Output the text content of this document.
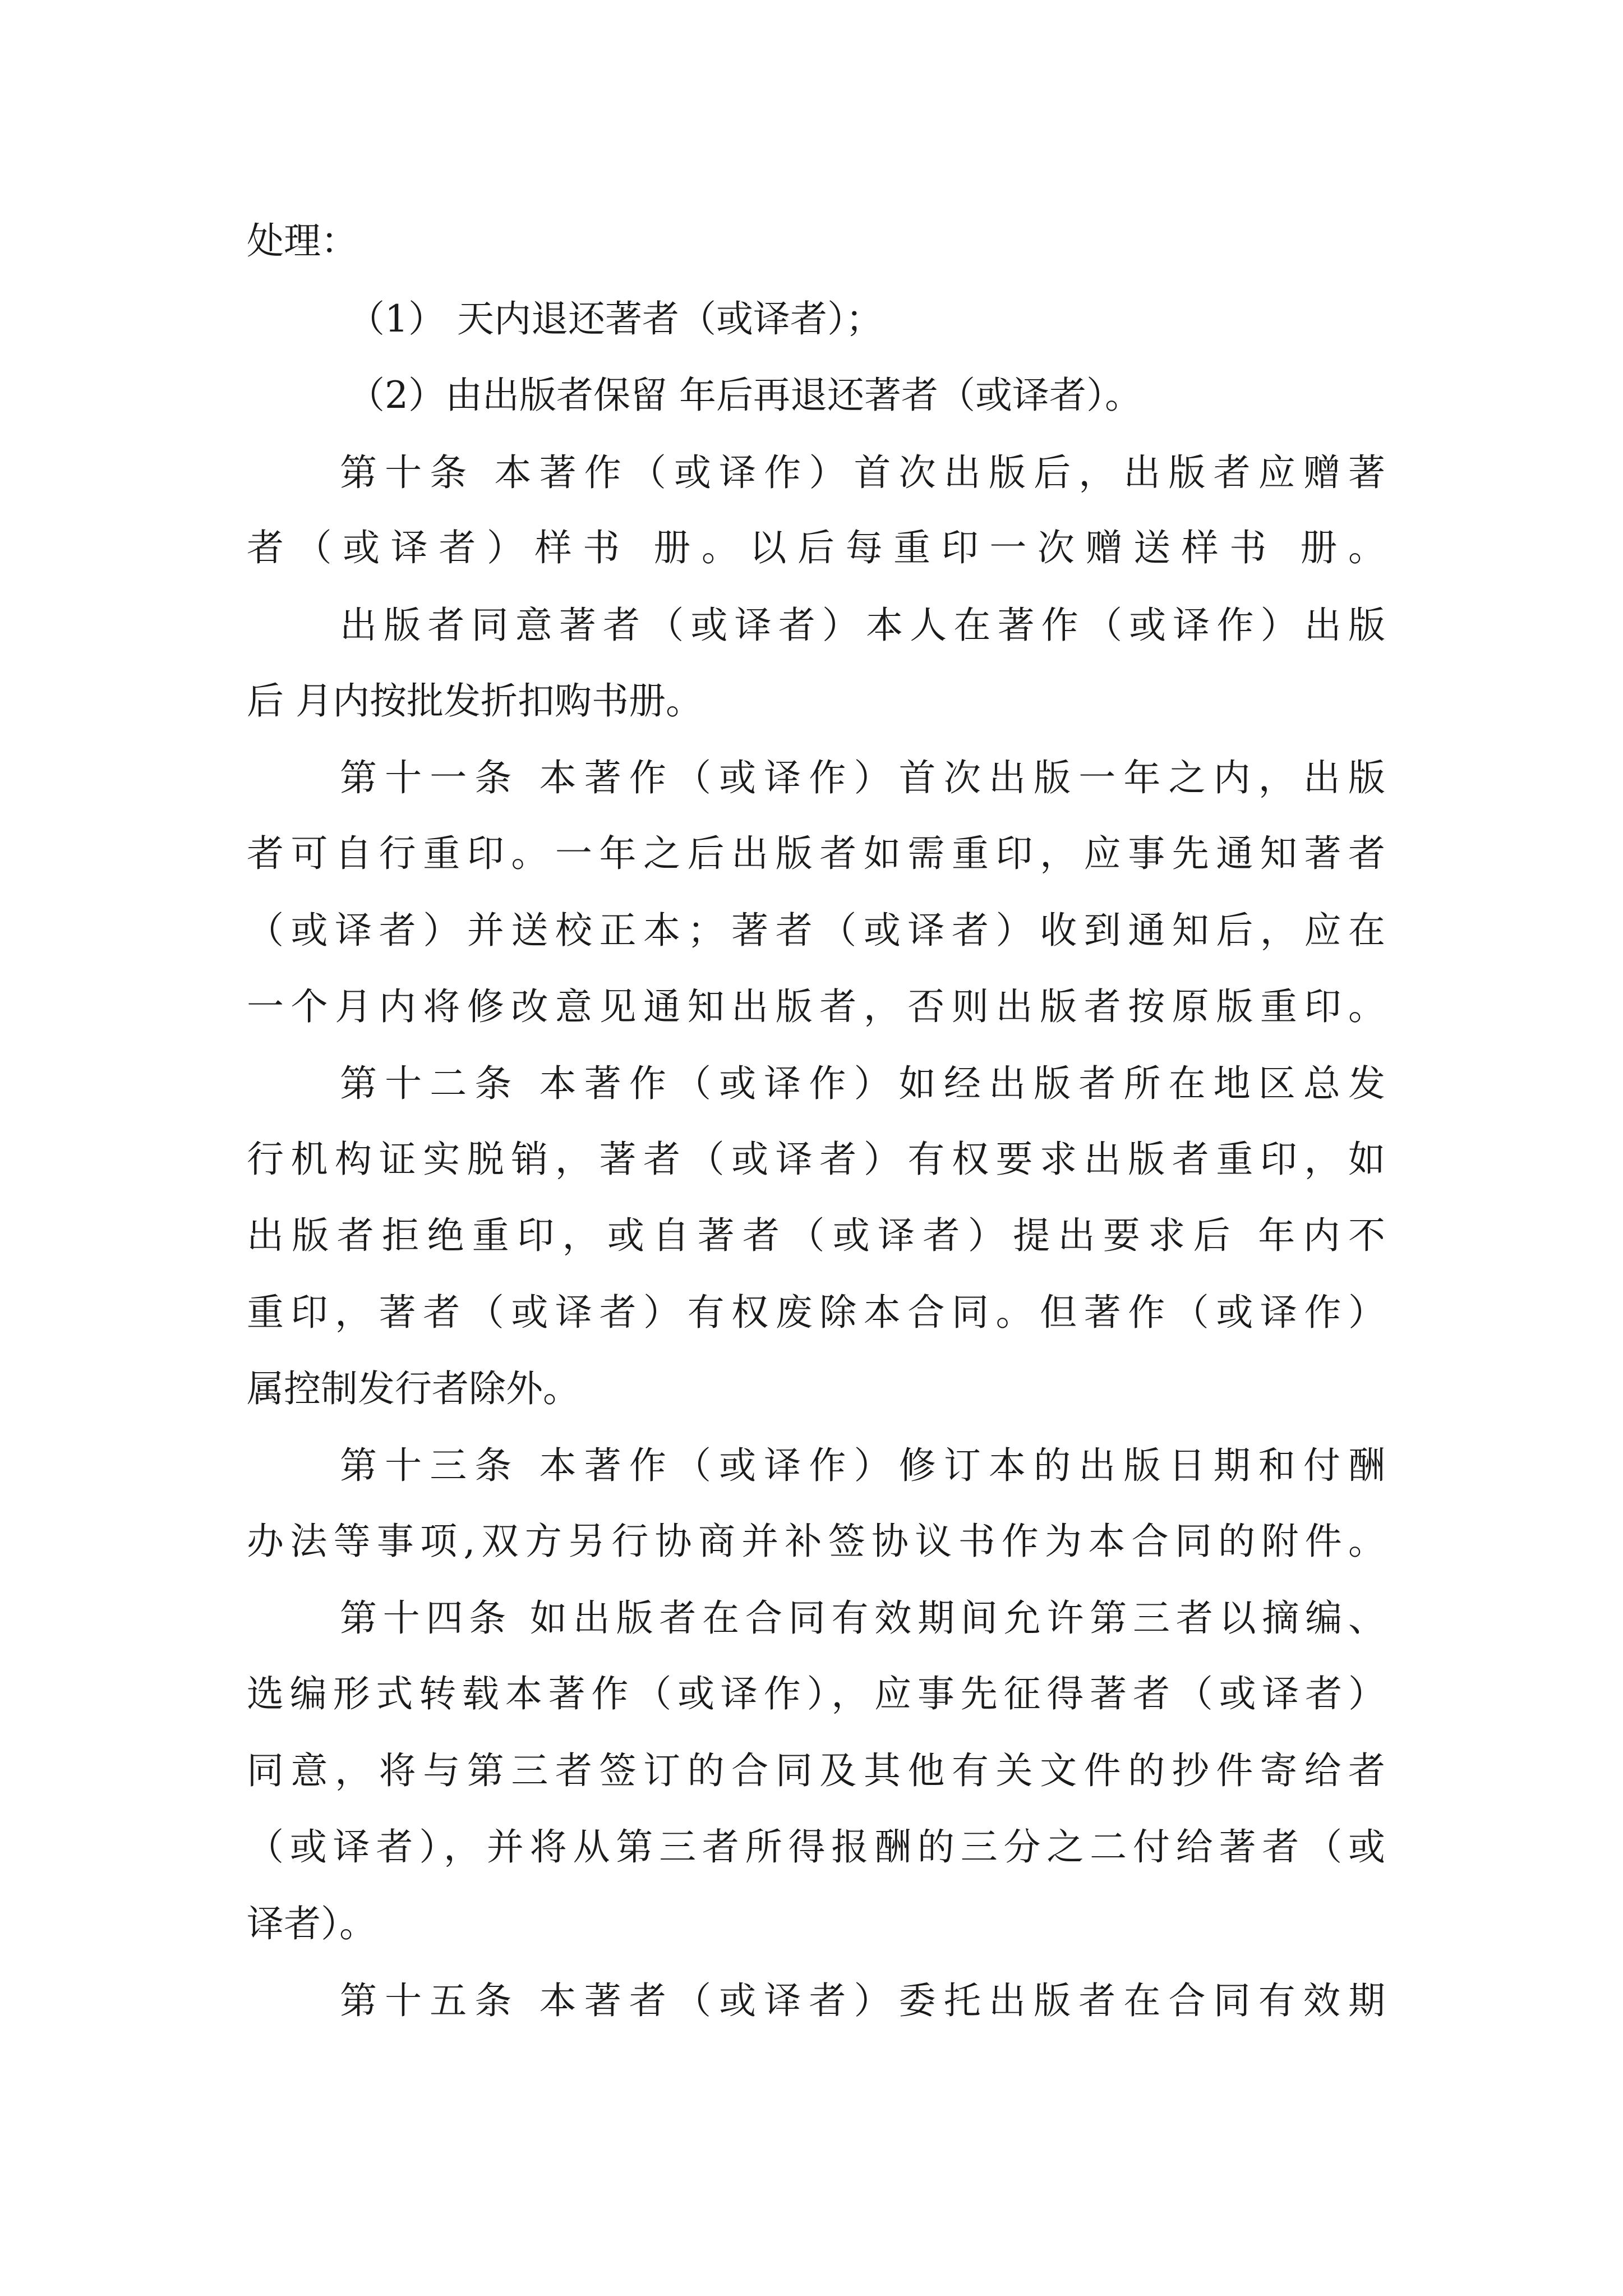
处理：
（1） 天内退还著者（或译者）；
（2）由出版者保留 年后再退还著者（或译者）。
第十条 本著作（或译作）首次出版后，出版者应赠著
者（或译者）样书 册。以后每重印一次赠送样书 册。
出版者同意著者（或译者）本人在著作（或译作）出版
后 月内按批发折扣购书册。
第十一条 本著作（或译作）首次出版一年之内，出版
者可自行重印。一年之后出版者如需重印，应事先通知著者
（或译者）并送校正本；著者（或译者）收到通知后，应在
一个月内将修改意见通知出版者，否则出版者按原版重印。
第十二条 本著作（或译作）如经出版者所在地区总发
行机构证实脱销，著者（或译者）有权要求出版者重印，如
出版者拒绝重印，或自著者（或译者）提出要求后 年内不
重印，著者（或译者）有权废除本合同。但著作（或译作）
属控制发行者除外。
第十三条 本著作（或译作）修订本的出版日期和付酬
办法等事项,双方另行协商并补签协议书作为本合同的附件。
第十四条 如出版者在合同有效期间允许第三者以摘编、
选编形式转载本著作（或译作），应事先征得著者（或译者）
同意，将与第三者签订的合同及其他有关文件的抄件寄给者
（或译者），并将从第三者所得报酬的三分之二付给著者（或
译者）。
第十五条 本著者（或译者）委托出版者在合同有效期
